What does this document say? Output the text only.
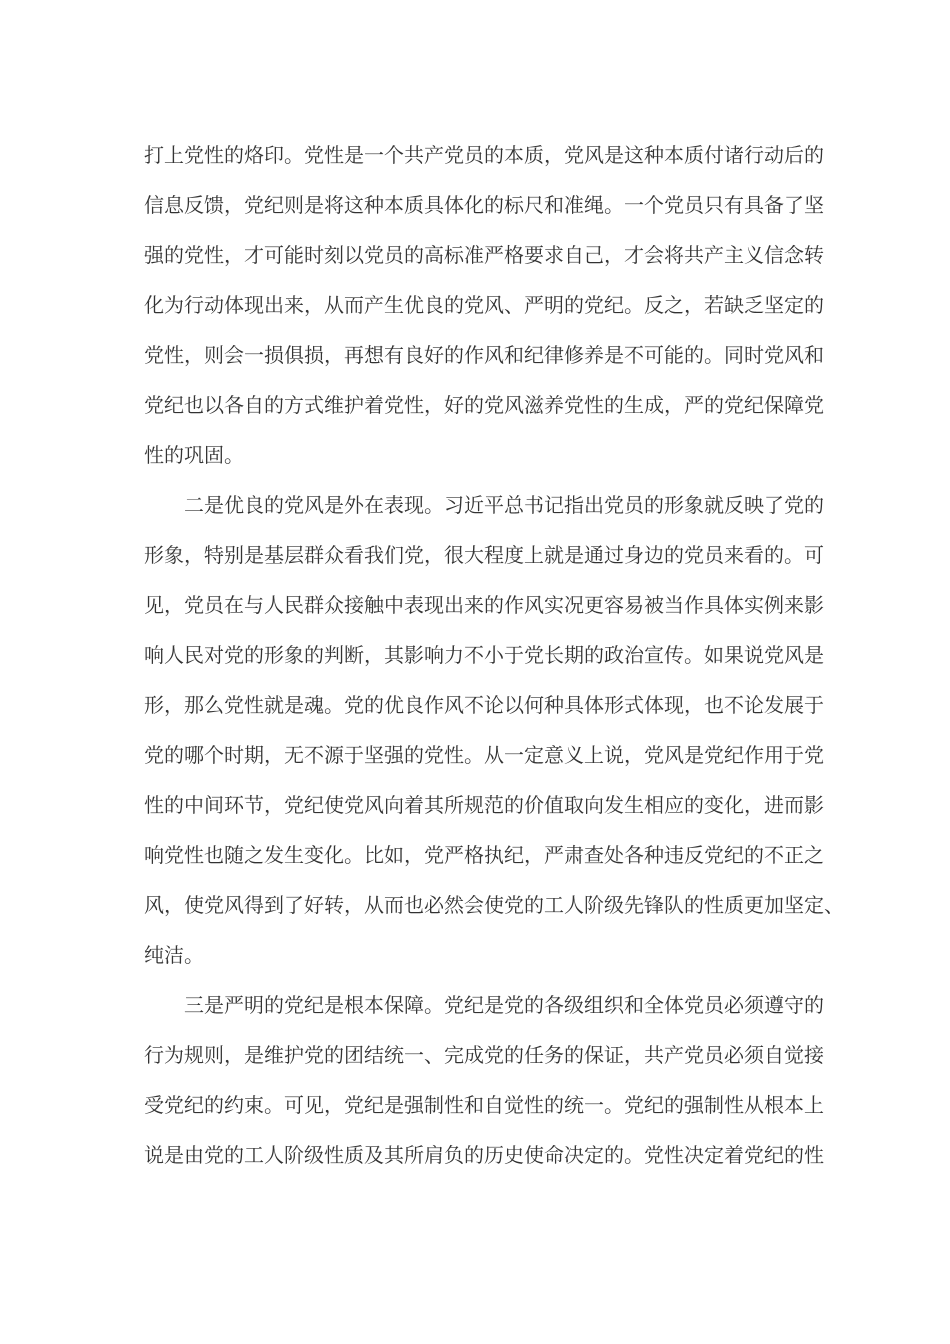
打上党性的烙印。党性是一个共产党员的本质，党风是这种本质付诸行动后的
信息反馈，党纪则是将这种本质具体化的标尺和准绳。一个党员只有具备了坚
强的党性，才可能时刻以党员的高标准严格要求自己，才会将共产主义信念转
化为行动体现出来，从而产生优良的党风、严明的党纪。反之，若缺乏坚定的
党性，则会一损俱损，再想有良好的作风和纪律修养是不可能的。同时党风和
党纪也以各自的方式维护着党性，好的党风滋养党性的生成，严的党纪保障党
性的巩固。
二是优良的党风是外在表现。习近平总书记指出党员的形象就反映了党的
形象，特别是基层群众看我们党，很大程度上就是通过身边的党员来看的。可
见，党员在与人民群众接触中表现出来的作风实况更容易被当作具体实例来影
响人民对党的形象的判断，其影响力不小于党长期的政治宣传。如果说党风是
形，那么党性就是魂。党的优良作风不论以何种具体形式体现，也不论发展于
党的哪个时期，无不源于坚强的党性。从一定意义上说，党风是党纪作用于党
性的中间环节，党纪使党风向着其所规范的价值取向发生相应的变化，进而影
响党性也随之发生变化。比如，党严格执纪，严肃查处各种违反党纪的不正之
风，使党风得到了好转，从而也必然会使党的工人阶级先锋队的性质更加坚定、
纯洁。
三是严明的党纪是根本保障。党纪是党的各级组织和全体党员必须遵守的
行为规则，是维护党的团结统一、完成党的任务的保证，共产党员必须自觉接
受党纪的约束。可见，党纪是强制性和自觉性的统一。党纪的强制性从根本上
说是由党的工人阶级性质及其所肩负的历史使命决定的。党性决定着党纪的性
